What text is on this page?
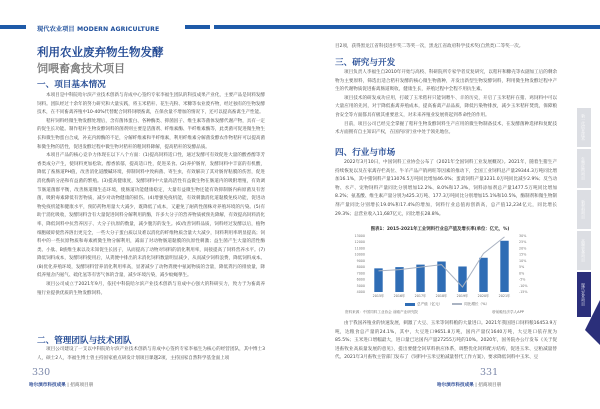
现代农业项目 MODERN AGRICULTURE
利用农业废弃物生物发酵
饲喂畜禽技术项目
一、项目基本情况

本项目是中科院哈尔滨产业技术创新与育成中心签约专家李福生团队的科技成果产业化，主要产品是饲料发酵饲料。团队经过十余年的努力研究和大量实践，将玉米秸秆、花生壳粉、米糠等农业废弃物，经过独有的生物发酵技术，在不同畜禽养殖中10-40%代替配合饲料饲喂畜禽，在保食量不增加的情况下，还可以提高畜禽生产性能。

秸秆饲料经微生物发酵处理后，含有菌体蛋白、各种酶类、抑菌因子、维生素等菌体发酵代谢产物，具有一定的促生长功能。制作秸秆生物发酵饲料的菌剂则主要是活菌剂、纤维素酶、半纤维素酶等，此类菌可促进微生物生长和微生物蛋白合成，补充内源酶的不足，分解纤维素和半纤维素，利用纤维素分解菌发酵农作物秸秆可以提高菌和微生物的活性，促进发酵过程中微生物对秸秆的粗饲料降解，提高秸秆的发酵品质。

本项目产品的核心竞争力体现在以下八个方面：(1)提高饲料适口性，通过发酵可有效促进大量的酸香醇等芳香类成分产生，使饲料更加松软、醇香浓郁，提高适口性，促进采食。(2)养护肠胃，发酵饲料中丰富的有机酸，降低了畜肠道PH值，改善消化道酸碱环境，抑制饲料中致病菌、寄生虫，有效解决了其对肠胃粘膜的伤害，促进消化酶的分泌和有益菌的繁殖。(3)提高健康度，发酵饲料中大量高活性有益微生物在肠道内的吸附增殖，有效调节肠道菌群平衡，改善肠道微生态环境，使肠道功能健康稳定，大量有益微生物还能有效抑制肠内病原菌及有害菌，吸附毒素降低有害物质，减少对动物健康的损伤。(4)增强免疫机能，有效刺激消化道黏膜免疫功能，促进动物免疫机能和健康水平，预防药物用量大大减少，既降低了成本，又避免了耐药性菌株对养殖环境的污染。(5)有助于消化吸收，发酵饲料含有大量促进饲料分解利用的酶，许多大分子的营养物质被预先降解，有效提高饲料消化率，降低饲料中抗营养因子、大分子抗原的数量，减少腹泻的发生。(6)改善饲料品质，饲料经过发酵以后，植物细胞破碎使营养溶出更完全，一些大分子蛋白质以及难以消化的纤维物质含量大大减少，饲料利用率明显提高；饲料中的一些抗原物质和毒素被微生物分解利用，减弱了对动物肠道黏膜的抗原性刺激；益生菌产生大量的活性酶类、小肽、B族维生素以及未知促生长因子，从而提高了动物对饲料的消化利用率，间接提高了饲料营养水平。(7)降低饲料成本，发酵饲料使用后，从粪便中排出的未消化饲料数量明显减少，从而减少饲料浪费，降低饲料成本。(8)优化养殖环境，发酵饲料营养消化利用率高，显著减少了动物粪便中氨氮物质的含量，降低粪污的排放量，降低养殖舍内氨气、硫化氢等有害气体的含量，减少环境污染，减少蚊蝇孳生。

项目公司成立于2021年9月，依托中科院哈尔滨产业技术创新与育成中心强大的科研实力，致力于为畜禽养殖行业提供优质的生物发酵饲料。

二、管理团队与技术团队

项目公司建设了一支以中科院哈尔滨产业技术创新与育成中心签约专家李福生为核心的经营团队，其中博士3人，硕士2人，李福生博士曾主持国家重点研发计划项目课题2项，主持国家自然科学基金面上项

330
哈尔滨市科技成果 | 招商项目册
目2项，获得黑龙江省科技进步奖二等奖一次，黑龙江省政府科学技术奖(自然类)二等奖一次。
三、研究与开发

项目负责人李福生自2010年开始与高校、科研院所专家学者反复研究，以秸秆和糠壳等农副加工后的剩余物为主要原料，筛选出适合秸秆发酵的核心微生物菌种，开发出新型生物发酵饲料，利用微生物发酵过程中产生的代谢物质促进畜禽肠道吸收，健康生长，养殖过程中全程不用抗生素。

项目技术的研发成功应用，打破了玉米秸秆只能饲喂牛、羊的历史，开启了玉米秸秆在猪、鸡饲料中可以大量应用的先河，对于降低畜禽养殖成本，提高畜禽产品品质，降低污染物排放，减少玉米秸秆焚烧，保障粮食安全等方面都具有极其重要意义，对未来养殖业发展将起到革命性的作用。

目前，项目公司已经完全掌握了秸秆生物发酵饲料生产应用的微生物制备技术，在发酵菌种选择和复配技术方面拥有自主知识产权，在国内同行业中处于领先地位。

四、行业与市场

2022年3月10日，中国饲料工业协会公布了《2021年全国饲料工业发展概况》。2021年，随着生猪生产持续恢复以及在家禽存栏高位、牛羊产品产销两旺等因素的推动下，全国工业饲料总产量29344.3万吨同比增加16.1%，其中猪饲料产量13076.5万吨同比增加46.0%；蛋禽饲料产量3231.0万吨同比减少2.9%；反刍动物、水产、宠物饲料产量同比分别增加12.2%、8.0%和17.3%，饲料添加剂总产量1477.5万吨同比增加8.2%；氨基酸、维生素产量分别为425.3万吨、177.3万吨同比分别增加15.1%和10.5%，酶制剂和微生物制剂产量同比分别增长19.0%和17.4%的增加，饲料行业总值再创新高，总产值12,234亿元，同比增长29.3%；总营业收入11,687亿元，同比增长28.8%。

由于我国养殖业的快速发展，刺激了大豆、玉米等饲料粮的大量进口。2021年我国进口饲料粮16453.9万吨，达粮食总产量的24.1%，其中，大豆进口9651.8万吨，国内产量仅1640万吨，大豆进口依存度为85.5%；玉米进口增幅最大，进口量已达国内产量27255万吨的10%。2020年，国务院办公厅发布《关于促进畜牧业高质量发展的意见》，提出要健全饲草料供应体系，调整优化饲料配方结构，促进玉米、豆粕减量替代。2021年3月畜牧主管部门发布了《饲料中玉米豆粕减量替代工作方案》，要求降低饲料中玉米、豆

331
哈尔滨市科技成果 | 招商项目册
图表1：2015-2021年工业饲料行业总产值及增长率(单位：亿元，%)
4000
5000
6000
7000
8000
9000
10000
11000
12000
13000
-15%
-10%
-5%
0%
5%
10%
15%
20%
25%
30%
2015年	2016年	2017年	2018年	2019年	2020年	2021年
总产值（亿元）	同比增长（%）
资料来源：中国饲料工业协会 前瞻产业研究院	@前瞻经济学人APP
新一代信息技术
生物医药项目
新材料项目
高端装备项目
现代农业项目
